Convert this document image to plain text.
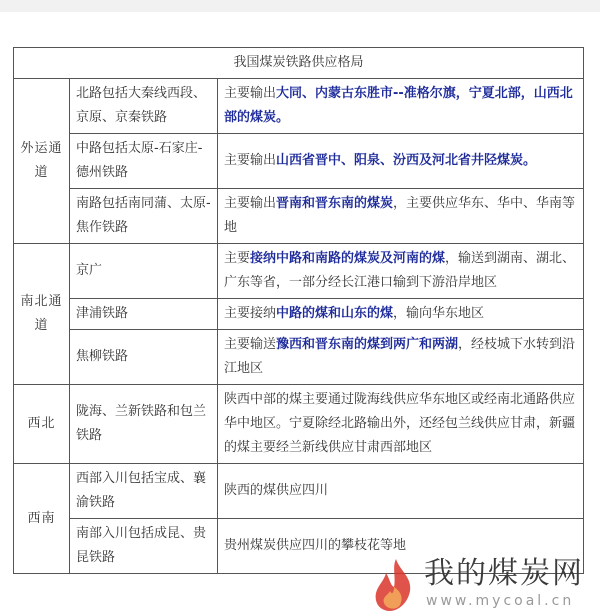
我国煤炭铁路供应格局		
外运通道	北路包括大秦线西段、京原、京秦铁路	主要输出大同、内蒙古东胜市--准格尔旗，宁夏北部，山西北部的煤炭。
	中路包括太原-石家庄-德州铁路	主要输出山西省晋中、阳泉、汾西及河北省井陉煤炭。
	南路包括南同蒲、太原-焦作铁路	主要输出晋南和晋东南的煤炭，主要供应华东、华中、华南等地
南北通道	京广	主要接纳中路和南路的煤炭及河南的煤，输送到湖南、湖北、广东等省，一部分经长江港口输到下游沿岸地区
	津浦铁路	主要接纳中路的煤和山东的煤，输向华东地区
	焦柳铁路	主要输送豫西和晋东南的煤到两广和两湖，经枝城下水转到沿江地区
西北	陇海、兰新铁路和包兰铁路	陕西中部的煤主要通过陇海线供应华东地区或经南北通路供应华中地区。宁夏除经北路输出外，还经包兰线供应甘肃，新疆的煤主要经兰新线供应甘肃西部地区
西南	西部入川包括宝成、襄渝铁路	陕西的煤供应四川
	南部入川包括成昆、贵昆铁路	贵州煤炭供应四川的攀枝花等地
我的煤炭网
www.mycoal.cn
